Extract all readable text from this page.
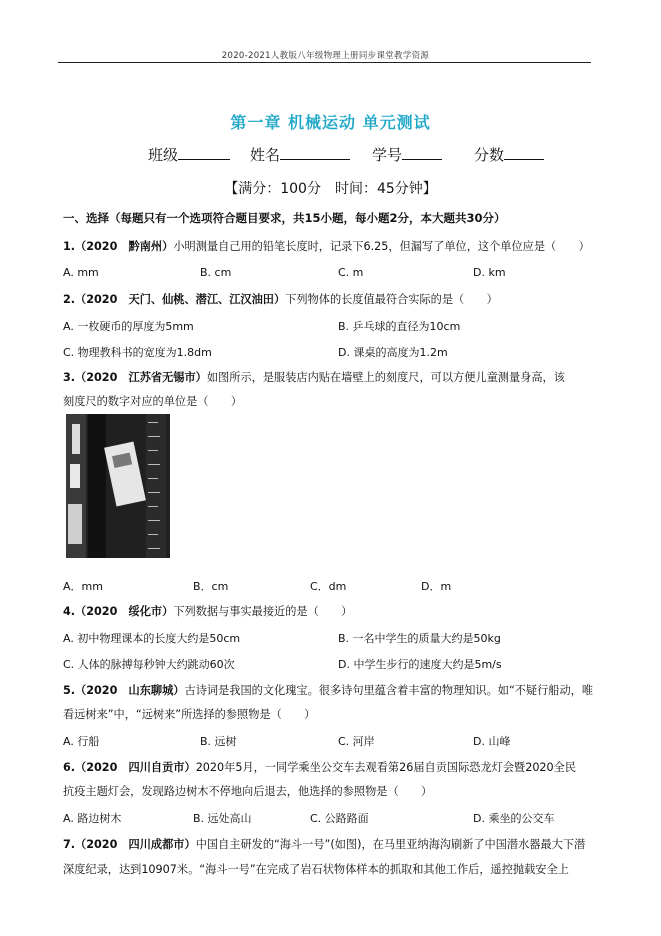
2020-2021人教版八年级物理上册同步课堂教学资源
第一章 机械运动 单元测试
班级	姓名	学号	分数
【满分：100分　时间：45分钟】
一、选择（每题只有一个选项符合题目要求，共15小题，每小题2分，本大题共30分）
1.（2020　黔南州）小明测量自己用的铅笔长度时，记录下6.25，但漏写了单位，这个单位应是（　　）
A. mm	B. cm	C. m	D. km
2.（2020　天门、仙桃、潜江、江汉油田）下列物体的长度值最符合实际的是（　　）
A. 一枚硬币的厚度为5mm	B. 乒乓球的直径为10cm
C. 物理教科书的宽度为1.8dm	D. 课桌的高度为1.2m
3.（2020　江苏省无锡市）如图所示，是服装店内贴在墙壁上的刻度尺，可以方便儿童测量身高，该
刻度尺的数字对应的单位是（　　）
A．mm	B．cm	C．dm	D．m
4.（2020　绥化市）下列数据与事实最接近的是（　　）
A. 初中物理课本的长度大约是50cm	B. 一名中学生的质量大约是50kg
C. 人体的脉搏每秒钟大约跳动60次	D. 中学生步行的速度大约是5m/s
5.（2020　山东聊城）古诗词是我国的文化瑰宝。很多诗句里蕴含着丰富的物理知识。如“不疑行船动，唯
看远树来”中，“远树来”所选择的参照物是（　　）
A. 行船	B. 远树	C. 河岸	D. 山峰
6.（2020　四川自贡市）2020年5月，一同学乘坐公交车去观看第26届自贡国际恐龙灯会暨2020全民
抗疫主题灯会，发现路边树木不停地向后退去，他选择的参照物是（　　）
A. 路边树木	B. 远处高山	C. 公路路面	D. 乘坐的公交车
7.（2020　四川成都市）中国自主研发的“海斗一号”(如图)，在马里亚纳海沟刷新了中国潜水器最大下潜
深度纪录，达到10907米。“海斗一号”在完成了岩石状物体样本的抓取和其他工作后，遥控抛载安全上
